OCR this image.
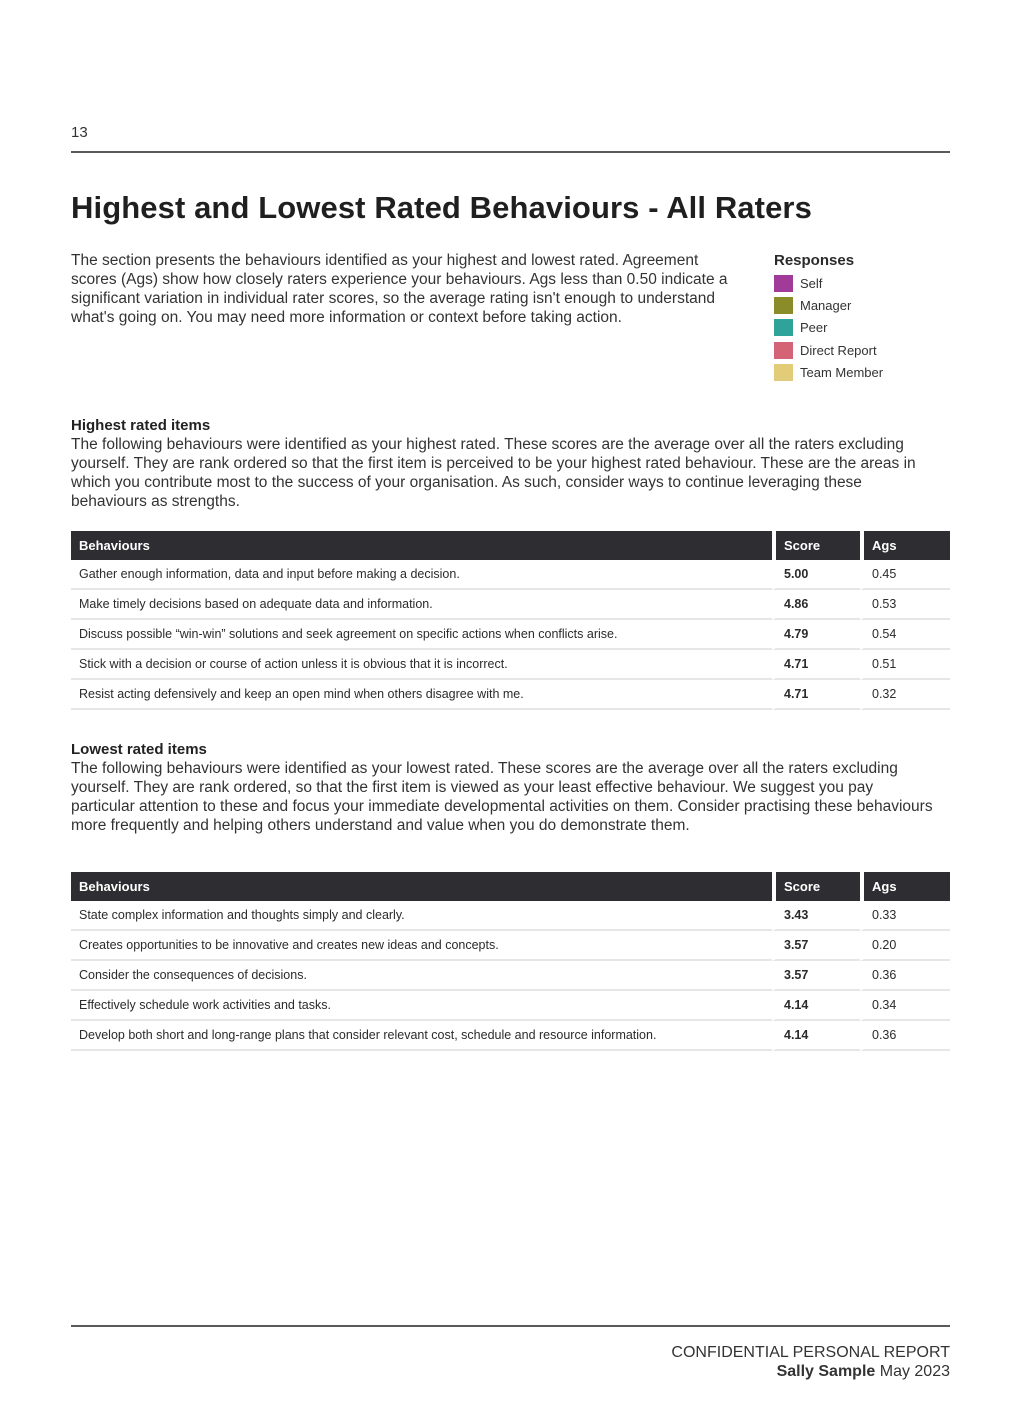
13
Highest and Lowest Rated Behaviours - All Raters

The section presents the behaviours identified as your highest and lowest rated. Agreement scores (Ags) show how closely raters experience your behaviours. Ags less than 0.50 indicate a significant variation in individual rater scores, so the average rating isn't enough to understand what's going on. You may need more information or context before taking action.

Responses
Self
Manager
Peer
Direct Report
Team Member
Highest rated items

The following behaviours were identified as your highest rated. These scores are the average over all the raters excluding yourself. They are rank ordered so that the first item is perceived to be your highest rated behaviour. These are the areas in which you contribute most to the success of your organisation. As such, consider ways to continue leveraging these behaviours as strengths.

Behaviours	Score	Ags
Gather enough information, data and input before making a decision.	5.00	0.45
Make timely decisions based on adequate data and information.	4.86	0.53
Discuss possible “win-win” solutions and seek agreement on specific actions when conflicts arise.	4.79	0.54
Stick with a decision or course of action unless it is obvious that it is incorrect.	4.71	0.51
Resist acting defensively and keep an open mind when others disagree with me.	4.71	0.32
Lowest rated items

The following behaviours were identified as your lowest rated. These scores are the average over all the raters excluding yourself. They are rank ordered, so that the first item is viewed as your least effective behaviour. We suggest you pay particular attention to these and focus your immediate developmental activities on them. Consider practising these behaviours more frequently and helping others understand and value when you do demonstrate them.

Behaviours	Score	Ags
State complex information and thoughts simply and clearly.	3.43	0.33
Creates opportunities to be innovative and creates new ideas and concepts.	3.57	0.20
Consider the consequences of decisions.	3.57	0.36
Effectively schedule work activities and tasks.	4.14	0.34
Develop both short and long-range plans that consider relevant cost, schedule and resource information.	4.14	0.36
CONFIDENTIAL PERSONAL REPORT
Sally Sample May 2023
